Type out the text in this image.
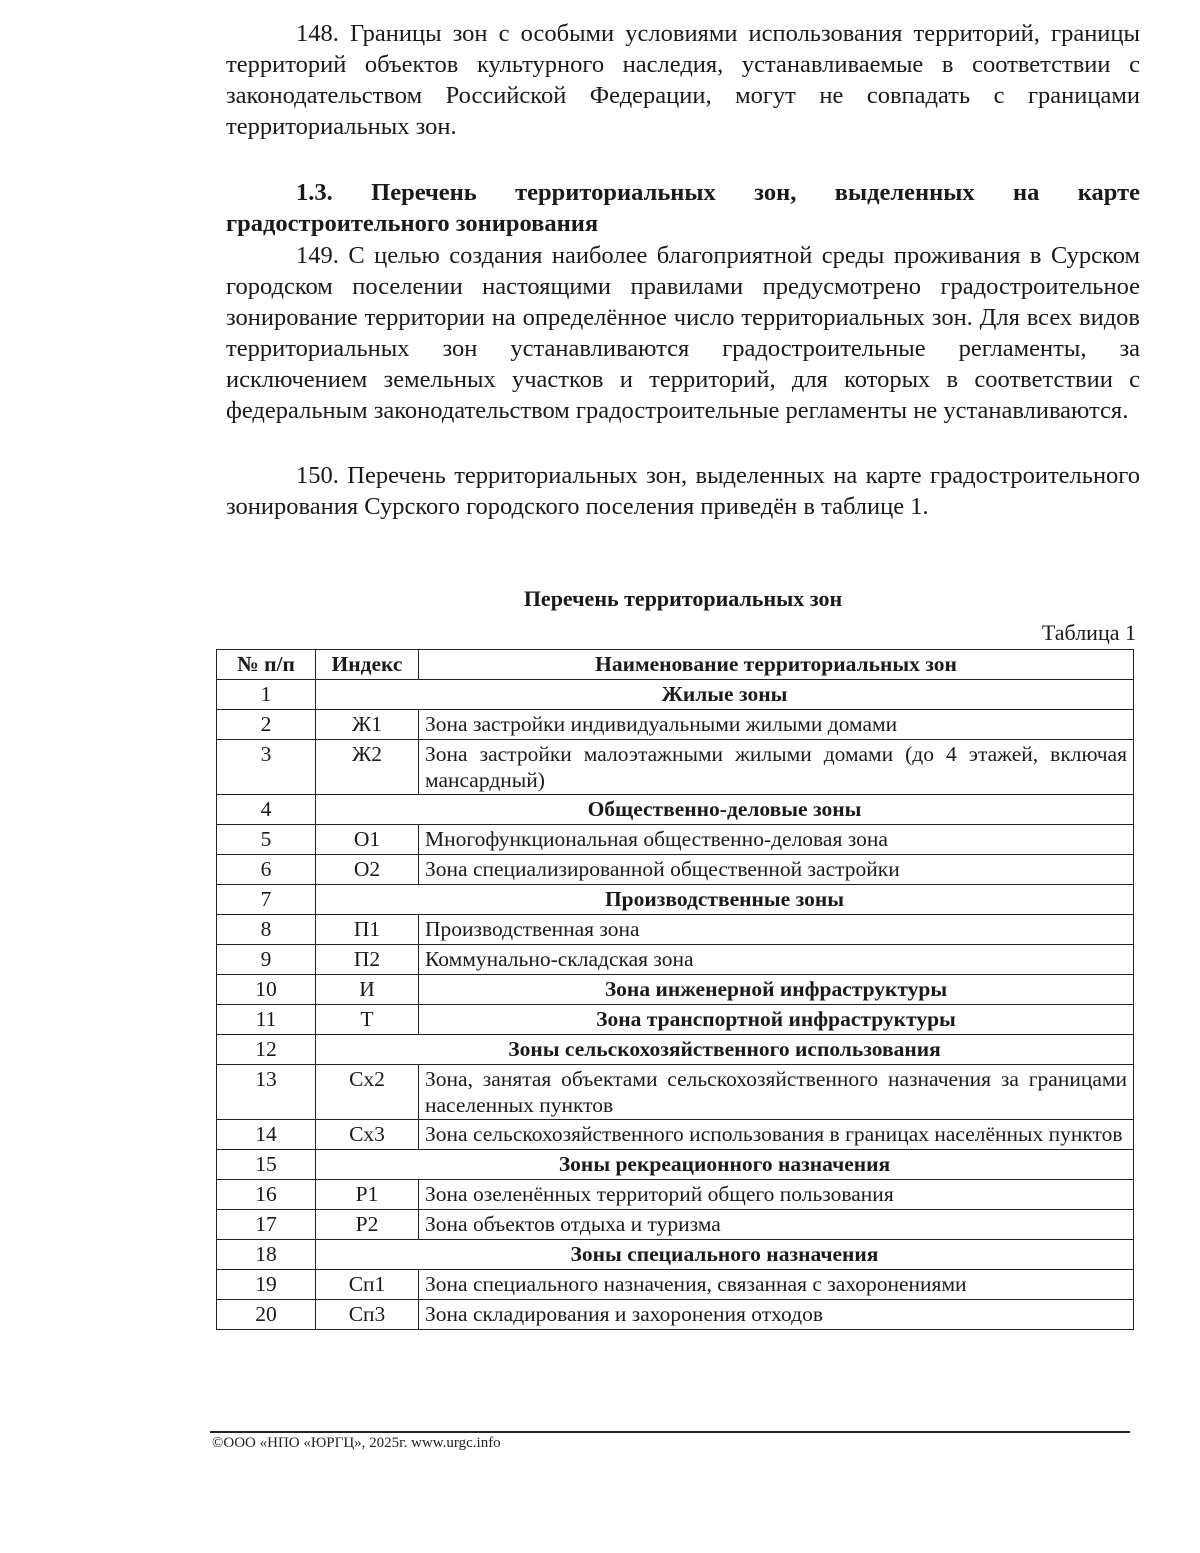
148. Границы зон с особыми условиями использования территорий, границы территорий объектов культурного наследия, устанавливаемые в соответствии с законодательством Российской Федерации, могут не совпадать с границами территориальных зон.
1.3. Перечень территориальных зон, выделенных на карте градостроительного зонирования
149. С целью создания наиболее благоприятной среды проживания в Сурском городском поселении настоящими правилами предусмотрено градостроительное зонирование территории на определённое число территориальных зон. Для всех видов территориальных зон устанавливаются градостроительные регламенты, за исключением земельных участков и территорий, для которых в соответствии с федеральным законодательством градостроительные регламенты не устанавливаются.
150. Перечень территориальных зон, выделенных на карте градостроительного зонирования Сурского городского поселения приведён в таблице 1.
Перечень территориальных зон
Таблица 1
№ п/п	Индекс	Наименование территориальных зон
1	Жилые зоны	
2	Ж1	Зона застройки индивидуальными жилыми домами
3	Ж2	Зона застройки малоэтажными жилыми домами (до 4 этажей, включая мансардный)
4	Общественно-деловые зоны	
5	О1	Многофункциональная общественно-деловая зона
6	О2	Зона специализированной общественной застройки
7	Производственные зоны	
8	П1	Производственная зона
9	П2	Коммунально-складская зона
10	И	Зона инженерной инфраструктуры
11	Т	Зона транспортной инфраструктуры
12	Зоны сельскохозяйственного использования	
13	Сх2	Зона, занятая объектами сельскохозяйственного назначения за границами населенных пунктов
14	Сх3	Зона сельскохозяйственного использования в границах населённых пунктов
15	Зоны рекреационного назначения	
16	Р1	Зона озеленённых территорий общего пользования
17	Р2	Зона объектов отдыха и туризма
18	Зоны специального назначения	
19	Сп1	Зона специального назначения, связанная с захоронениями
20	Сп3	Зона складирования и захоронения отходов
©ООО «НПО «ЮРГЦ», 2025г. www.urgc.info
